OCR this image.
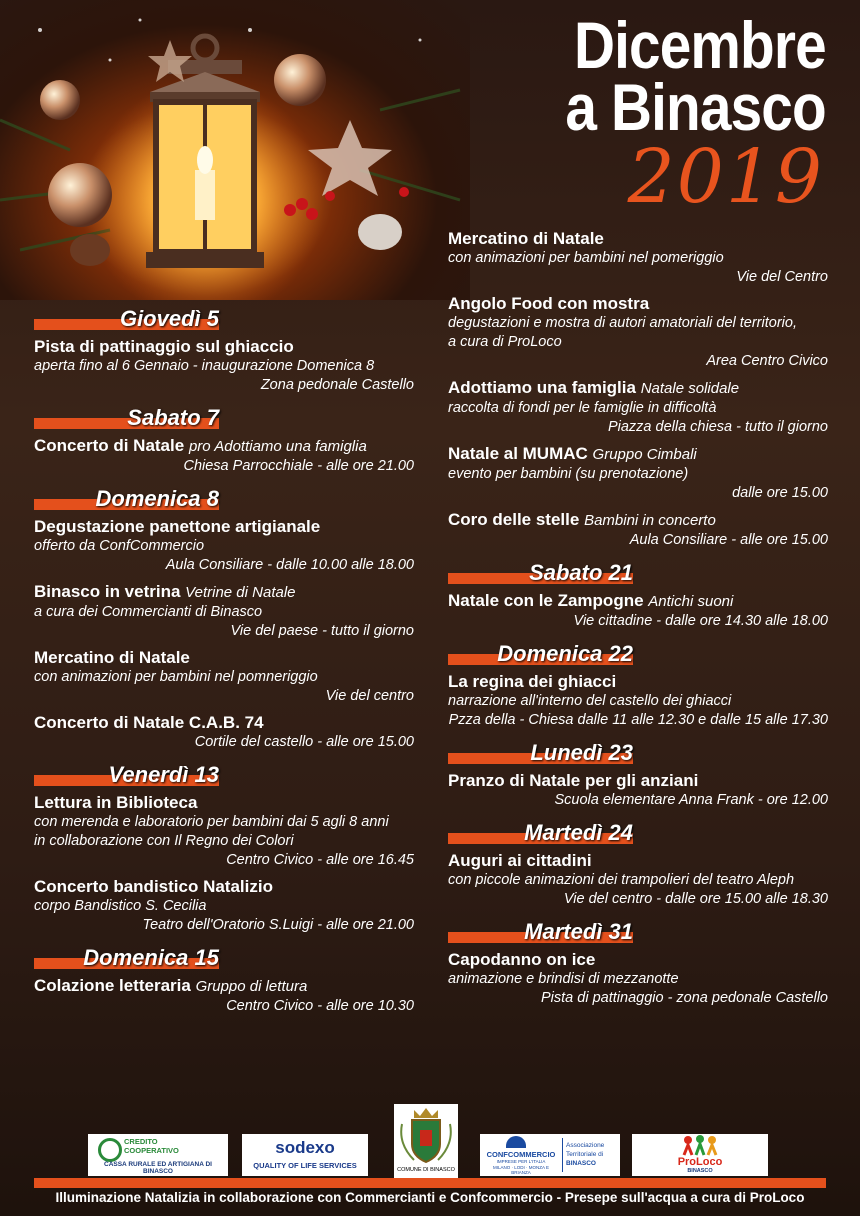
Dicembre
a Binasco
2019
Giovedì 5
Pista di pattinaggio sul ghiaccio
aperta fino al 6 Gennaio - inaugurazione Domenica 8
Zona pedonale Castello
Sabato 7
Concerto di Natale pro Adottiamo una famiglia
Chiesa Parrocchiale - alle ore 21.00
Domenica 8
Degustazione panettone artigianale
offerto da ConfCommercio
Aula Consiliare - dalle 10.00 alle 18.00
Binasco in vetrina Vetrine di Natale
a cura dei Commercianti di Binasco
Vie del paese - tutto il giorno
Mercatino di Natale
con animazioni per bambini nel pomneriggio
Vie del centro
Concerto di Natale C.A.B. 74
Cortile del castello - alle ore 15.00
Venerdì 13
Lettura in Biblioteca
con merenda e laboratorio per bambini dai 5 agli 8 anni
in collaborazione con Il Regno dei Colori
Centro Civico - alle ore 16.45
Concerto bandistico Natalizio
corpo Bandistico S. Cecilia
Teatro dell'Oratorio S.Luigi - alle ore 21.00
Domenica 15
Colazione letteraria Gruppo di lettura
Centro Civico - alle ore 10.30
Mercatino di Natale
con animazioni per bambini nel pomeriggio
Vie del Centro
Angolo Food con mostra
degustazioni e mostra di autori amatoriali del territorio,
a cura di ProLoco
Area Centro Civico
Adottiamo una famiglia Natale solidale
raccolta di fondi per le famiglie in difficoltà
Piazza della chiesa - tutto il giorno
Natale al MUMAC Gruppo Cimbali
evento per bambini (su prenotazione)
dalle ore 15.00
Coro delle stelle Bambini in concerto
Aula Consiliare - alle ore 15.00
Sabato 21
Natale con le Zampogne Antichi suoni
Vie cittadine - dalle ore 14.30 alle 18.00
Domenica 22
La regina dei ghiacci
narrazione all'interno del castello dei ghiacci
Pzza della - Chiesa dalle 11 alle 12.30 e dalle 15 alle 17.30
Lunedì 23
Pranzo di Natale per gli anziani
Scuola elementare Anna Frank - ore 12.00
Martedì 24
Auguri ai cittadini
con piccole animazioni dei trampolieri del teatro Aleph
Vie del centro - dalle ore 15.00 alle 18.30
Martedì 31
Capodanno on ice
animazione e brindisi di mezzanotte
Pista di pattinaggio - zona pedonale Castello
CREDITO
COOPERATIVO
CASSA RURALE ED ARTIGIANA DI BINASCO
sodexo
QUALITY OF LIFE SERVICES	COMUNE DI BINASCO
CONFCOMMERCIO
IMPRESE PER L'ITALIA
MILANO · LODI · MONZA E BRIANZA
Associazione
Territoriale di
BINASCO	ProLoco
BINASCO
Illuminazione Natalizia in collaborazione con Commercianti e Confcommercio - Presepe sull'acqua a cura di ProLoco
